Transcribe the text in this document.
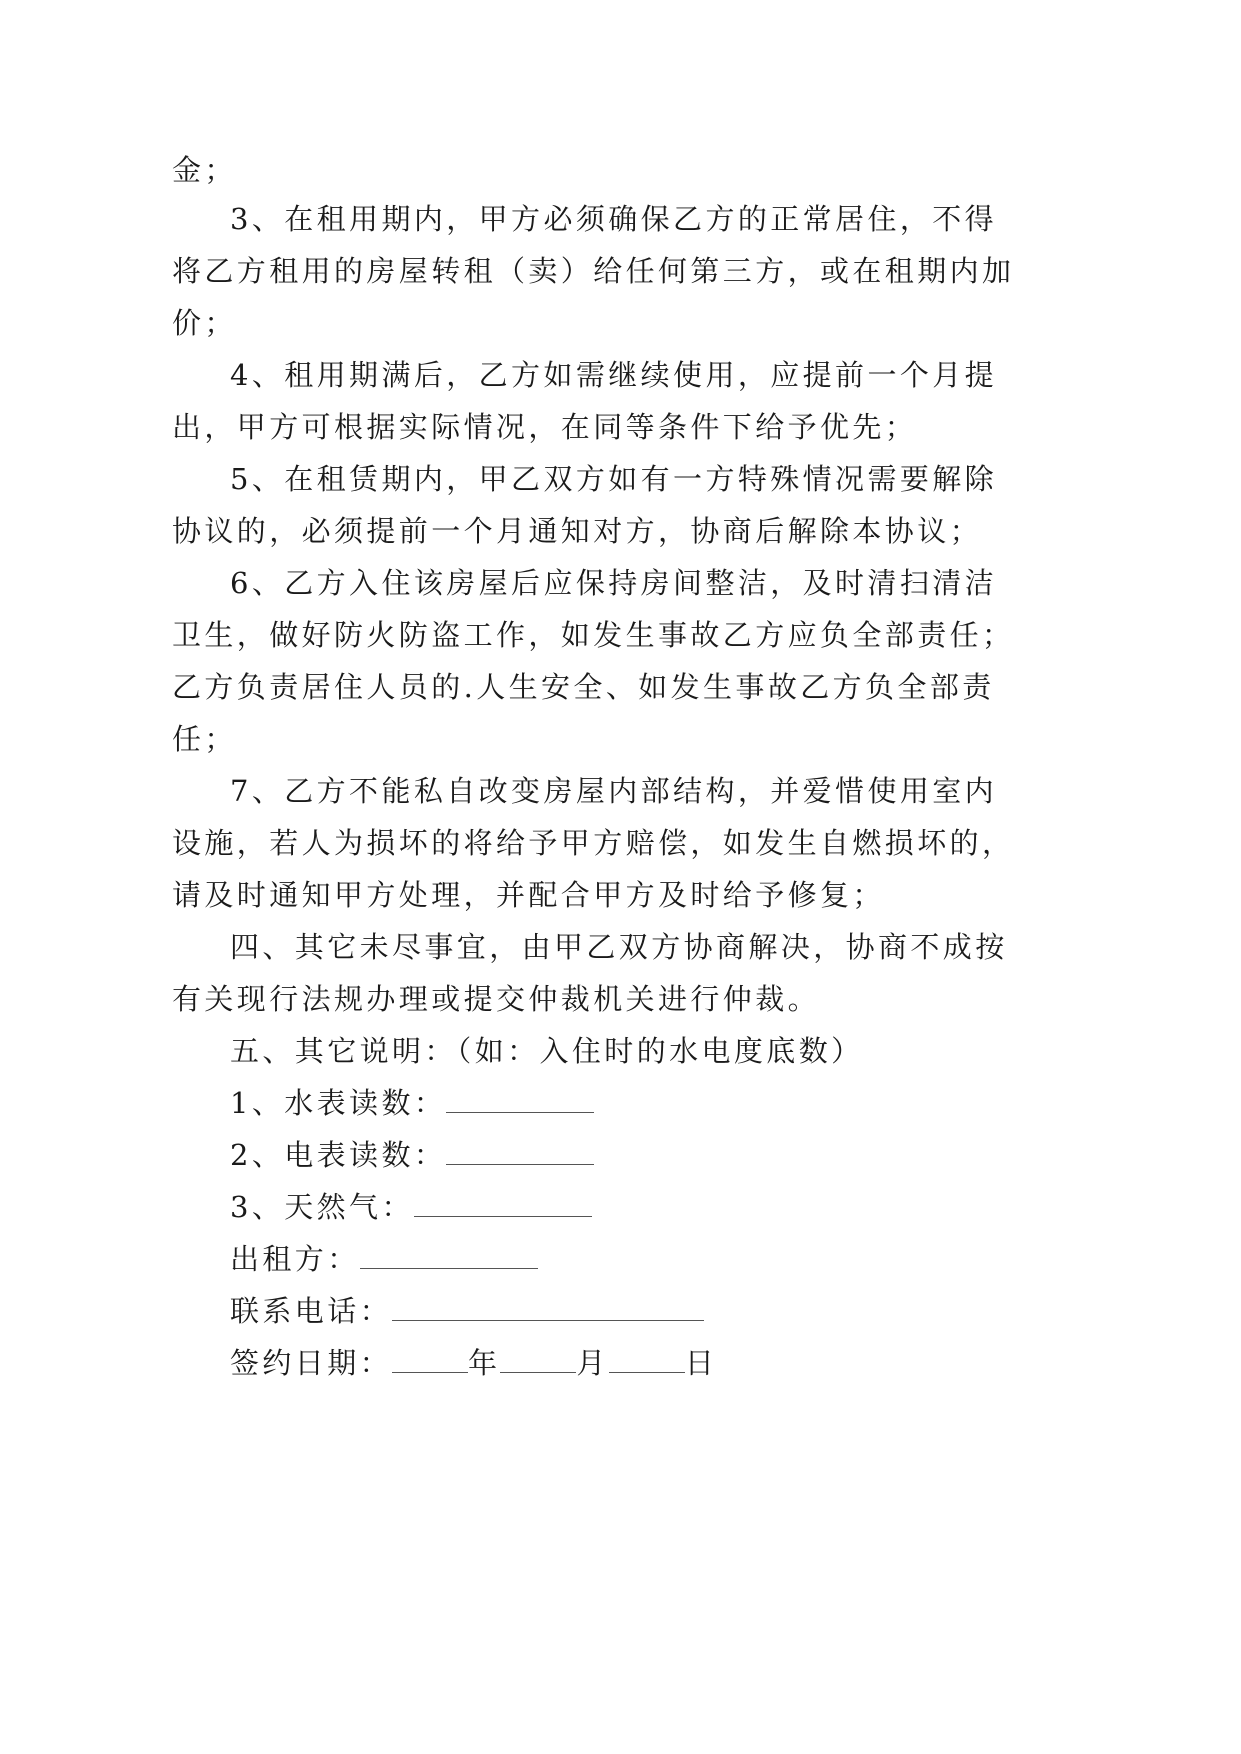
金；
3、在租用期内，甲方必须确保乙方的正常居住，不得
将乙方租用的房屋转租（卖）给任何第三方，或在租期内加
价；
4、租用期满后，乙方如需继续使用，应提前一个月提
出，甲方可根据实际情况，在同等条件下给予优先；
5、在租赁期内，甲乙双方如有一方特殊情况需要解除
协议的，必须提前一个月通知对方，协商后解除本协议；
6、乙方入住该房屋后应保持房间整洁，及时清扫清洁
卫生，做好防火防盗工作，如发生事故乙方应负全部责任；
乙方负责居住人员的.人生安全、如发生事故乙方负全部责
任；
7、乙方不能私自改变房屋内部结构，并爱惜使用室内
设施，若人为损坏的将给予甲方赔偿，如发生自燃损坏的，
请及时通知甲方处理，并配合甲方及时给予修复；
四、其它未尽事宜，由甲乙双方协商解决，协商不成按
有关现行法规办理或提交仲裁机关进行仲裁。
五、其它说明：（如：入住时的水电度底数）
1、水表读数：
2、电表读数：
3、天然气：
出租方：
联系电话：
签约日期：	年	月	日
